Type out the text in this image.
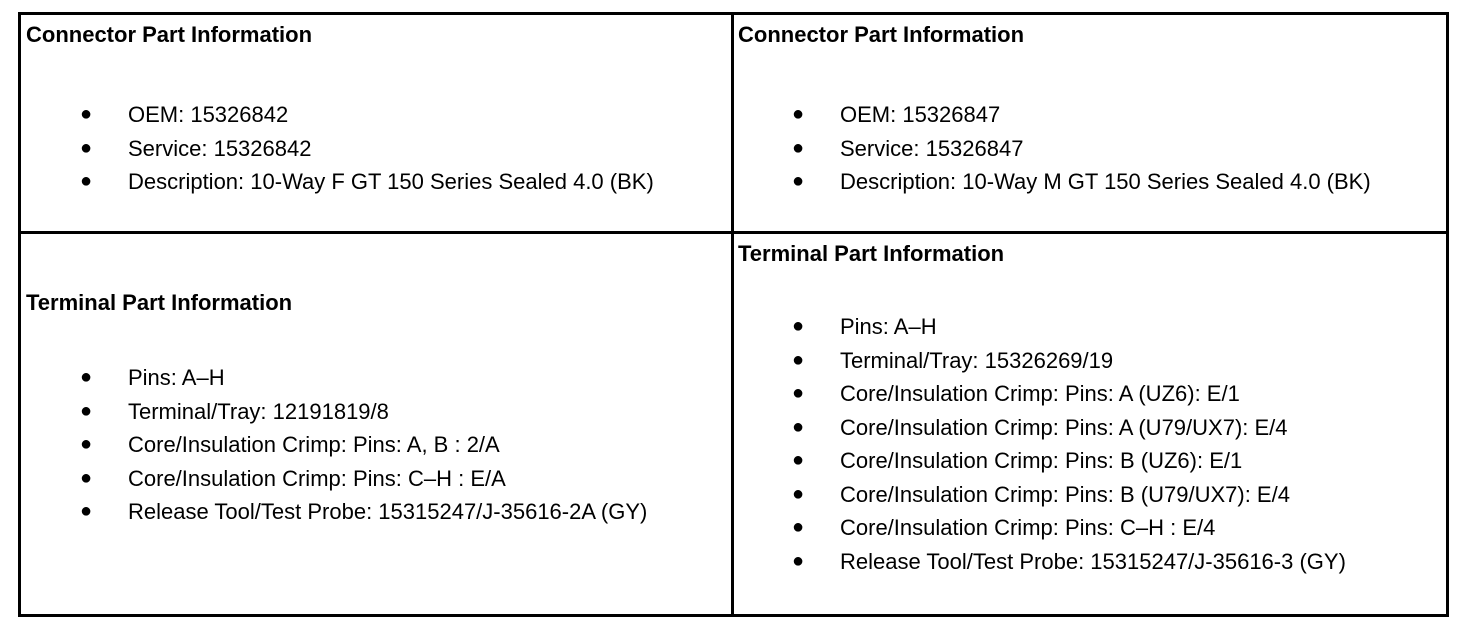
Connector Part Information
● OEM: 15326842
● Service: 15326842
● Description: 10-Way F GT 150 Series Sealed 4.0 (BK)
Connector Part Information
● OEM: 15326847
● Service: 15326847
● Description: 10-Way M GT 150 Series Sealed 4.0 (BK)
Terminal Part Information
● Pins: A–H
● Terminal/Tray: 12191819/8
● Core/Insulation Crimp: Pins: A, B : 2/A
● Core/Insulation Crimp: Pins: C–H : E/A
● Release Tool/Test Probe: 15315247/J-35616-2A (GY)
Terminal Part Information
● Pins: A–H
● Terminal/Tray: 15326269/19
● Core/Insulation Crimp: Pins: A (UZ6): E/1
● Core/Insulation Crimp: Pins: A (U79/UX7): E/4
● Core/Insulation Crimp: Pins: B (UZ6): E/1
● Core/Insulation Crimp: Pins: B (U79/UX7): E/4
● Core/Insulation Crimp: Pins: C–H : E/4
● Release Tool/Test Probe: 15315247/J-35616-3 (GY)
